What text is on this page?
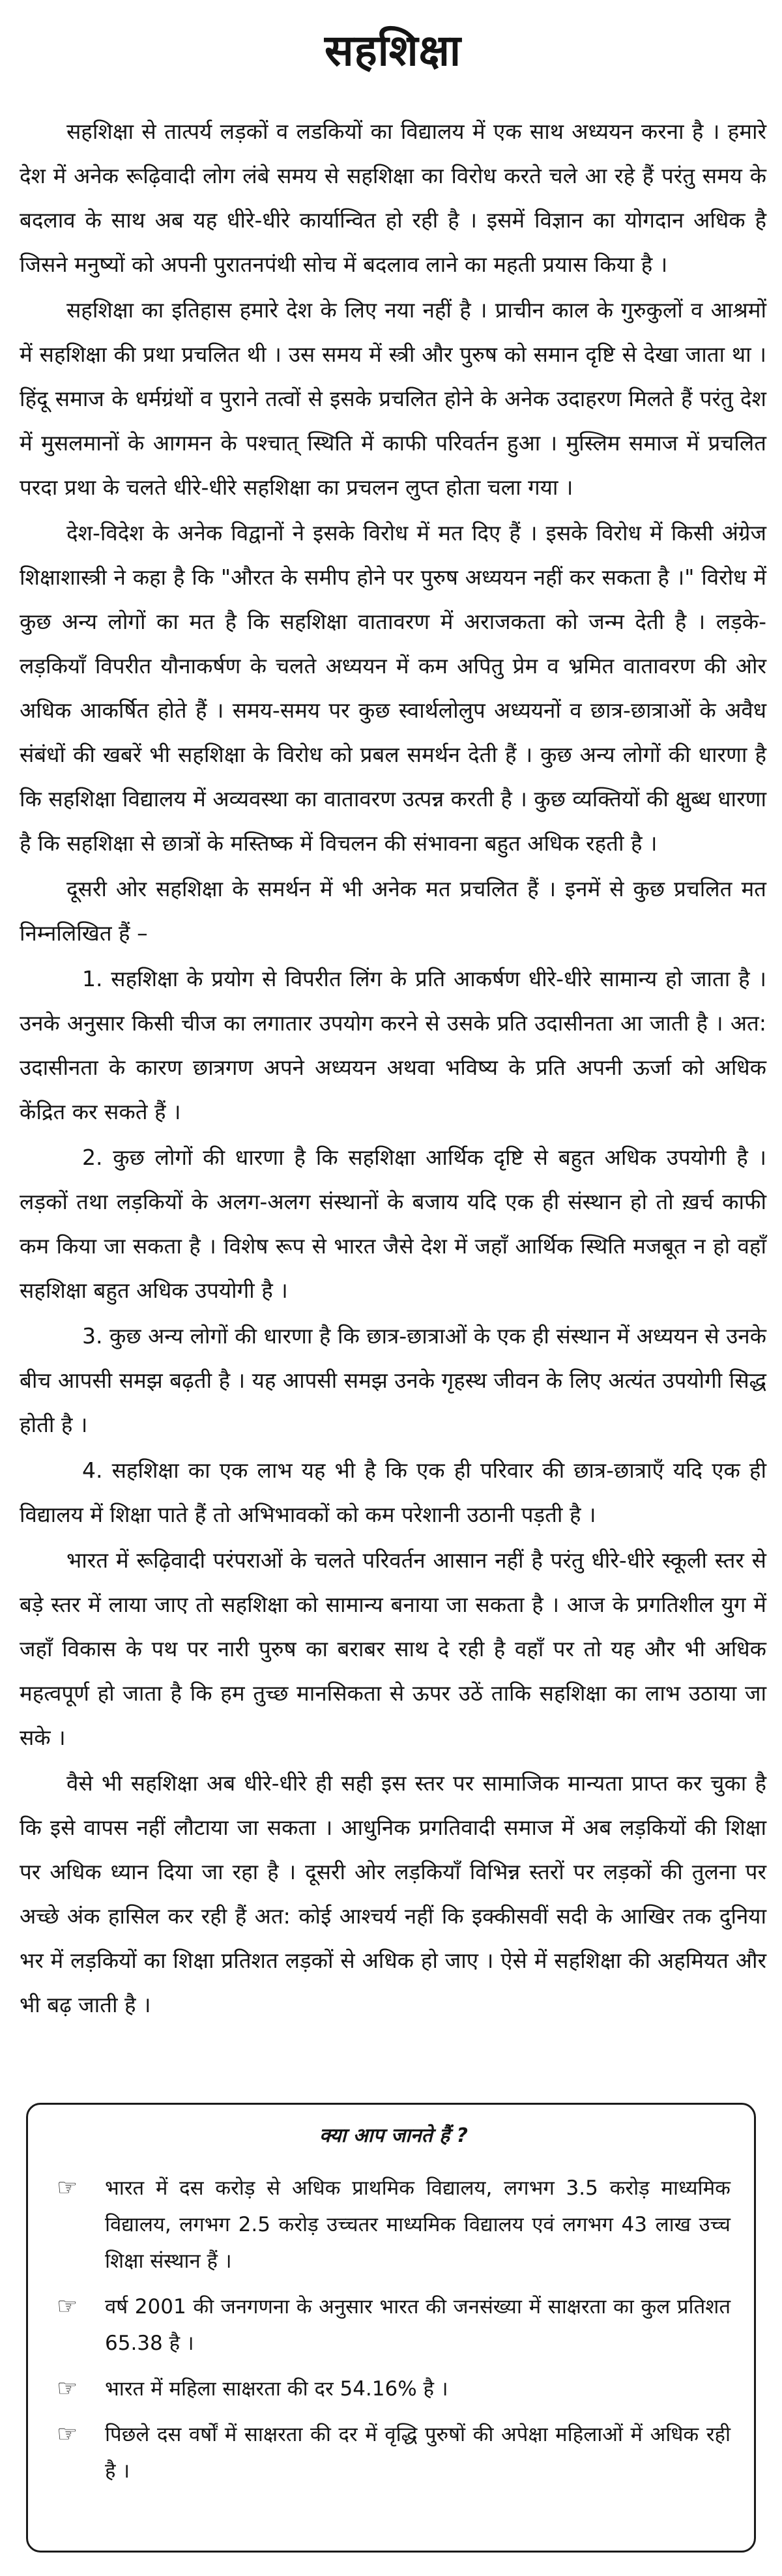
सहशिक्षा

सहशिक्षा से तात्पर्य लड़कों व लडकियों का विद्यालय में एक साथ अध्ययन करना है । हमारे देश में अनेक रूढ़िवादी लोग लंबे समय से सहशिक्षा का विरोध करते चले आ रहे हैं परंतु समय के बदलाव के साथ अब यह धीरे-धीरे कार्यान्वित हो रही है । इसमें विज्ञान का योगदान अधिक है जिसने मनुष्यों को अपनी पुरातनपंथी सोच में बदलाव लाने का महती प्रयास किया है ।

सहशिक्षा का इतिहास हमारे देश के लिए नया नहीं है । प्राचीन काल के गुरुकुलों व आश्रमों में सहशिक्षा की प्रथा प्रचलित थी । उस समय में स्त्री और पुरुष को समान दृष्टि से देखा जाता था । हिंदू समाज के धर्मग्रंथों व पुराने तत्वों से इसके प्रचलित होने के अनेक उदाहरण मिलते हैं परंतु देश में मुसलमानों के आगमन के पश्चात् स्थिति में काफी परिवर्तन हुआ । मुस्लिम समाज में प्रचलित परदा प्रथा के चलते धीरे-धीरे सहशिक्षा का प्रचलन लुप्त होता चला गया ।

देश-विदेश के अनेक विद्वानों ने इसके विरोध में मत दिए हैं । इसके विरोध में किसी अंग्रेज शिक्षाशास्त्री ने कहा है कि "औरत के समीप होने पर पुरुष अध्ययन नहीं कर सकता है ।" विरोध में कुछ अन्य लोगों का मत है कि सहशिक्षा वातावरण में अराजकता को जन्म देती है । लड़के-लड़कियाँ विपरीत यौनाकर्षण के चलते अध्ययन में कम अपितु प्रेम व भ्रमित वातावरण की ओर अधिक आकर्षित होते हैं । समय-समय पर कुछ स्वार्थलोलुप अध्ययनों व छात्र-छात्राओं के अवैध संबंधों की खबरें भी सहशिक्षा के विरोध को प्रबल समर्थन देती हैं । कुछ अन्य लोगों की धारणा है कि सहशिक्षा विद्यालय में अव्यवस्था का वातावरण उत्पन्न करती है । कुछ व्यक्तियों की क्षुब्ध धारणा है कि सहशिक्षा से छात्रों के मस्तिष्क में विचलन की संभावना बहुत अधिक रहती है ।

दूसरी ओर सहशिक्षा के समर्थन में भी अनेक मत प्रचलित हैं । इनमें से कुछ प्रचलित मत निम्नलिखित हैं –

1. सहशिक्षा के प्रयोग से विपरीत लिंग के प्रति आकर्षण धीरे-धीरे सामान्य हो जाता है । उनके अनुसार किसी चीज का लगातार उपयोग करने से उसके प्रति उदासीनता आ जाती है । अत: उदासीनता के कारण छात्रगण अपने अध्ययन अथवा भविष्य के प्रति अपनी ऊर्जा को अधिक केंद्रित कर सकते हैं ।

2. कुछ लोगों की धारणा है कि सहशिक्षा आर्थिक दृष्टि से बहुत अधिक उपयोगी है । लड़कों तथा लड़कियों के अलग-अलग संस्थानों के बजाय यदि एक ही संस्थान हो तो ख़र्च काफी कम किया जा सकता है । विशेष रूप से भारत जैसे देश में जहाँ आर्थिक स्थिति मजबूत न हो वहाँ सहशिक्षा बहुत अधिक उपयोगी है ।

3. कुछ अन्य लोगों की धारणा है कि छात्र-छात्राओं के एक ही संस्थान में अध्ययन से उनके बीच आपसी समझ बढ़ती है । यह आपसी समझ उनके गृहस्थ जीवन के लिए अत्यंत उपयोगी सिद्ध होती है ।

4. सहशिक्षा का एक लाभ यह भी है कि एक ही परिवार की छात्र-छात्राएँ यदि एक ही विद्यालय में शिक्षा पाते हैं तो अभिभावकों को कम परेशानी उठानी पड़ती है ।

भारत में रूढ़िवादी परंपराओं के चलते परिवर्तन आसान नहीं है परंतु धीरे-धीरे स्कूली स्तर से बड़े स्तर में लाया जाए तो सहशिक्षा को सामान्य बनाया जा सकता है । आज के प्रगतिशील युग में जहाँ विकास के पथ पर नारी पुरुष का बराबर साथ दे रही है वहाँ पर तो यह और भी अधिक महत्वपूर्ण हो जाता है कि हम तुच्छ मानसिकता से ऊपर उठें ताकि सहशिक्षा का लाभ उठाया जा सके ।

वैसे भी सहशिक्षा अब धीरे-धीरे ही सही इस स्तर पर सामाजिक मान्यता प्राप्त कर चुका है कि इसे वापस नहीं लौटाया जा सकता । आधुनिक प्रगतिवादी समाज में अब लड़कियों की शिक्षा पर अधिक ध्यान दिया जा रहा है । दूसरी ओर लड़कियाँ विभिन्न स्तरों पर लड़कों की तुलना पर अच्छे अंक हासिल कर रही हैं अत: कोई आश्चर्य नहीं कि इक्कीसवीं सदी के आखिर तक दुनिया भर में लड़कियों का शिक्षा प्रतिशत लड़कों से अधिक हो जाए । ऐसे में सहशिक्षा की अहमियत और भी बढ़ जाती है ।

क्या आप जानते हैं ?
☞	भारत में दस करोड़ से अधिक प्राथमिक विद्यालय, लगभग 3.5 करोड़ माध्यमिक विद्यालय, लगभग 2.5 करोड़ उच्चतर माध्यमिक विद्यालय एवं लगभग 43 लाख उच्च शिक्षा संस्थान हैं ।
☞	वर्ष 2001 की जनगणना के अनुसार भारत की जनसंख्या में साक्षरता का कुल प्रतिशत 65.38 है ।
☞	भारत में महिला साक्षरता की दर 54.16% है ।
☞	पिछले दस वर्षों में साक्षरता की दर में वृद्धि पुरुषों की अपेक्षा महिलाओं में अधिक रही है ।
